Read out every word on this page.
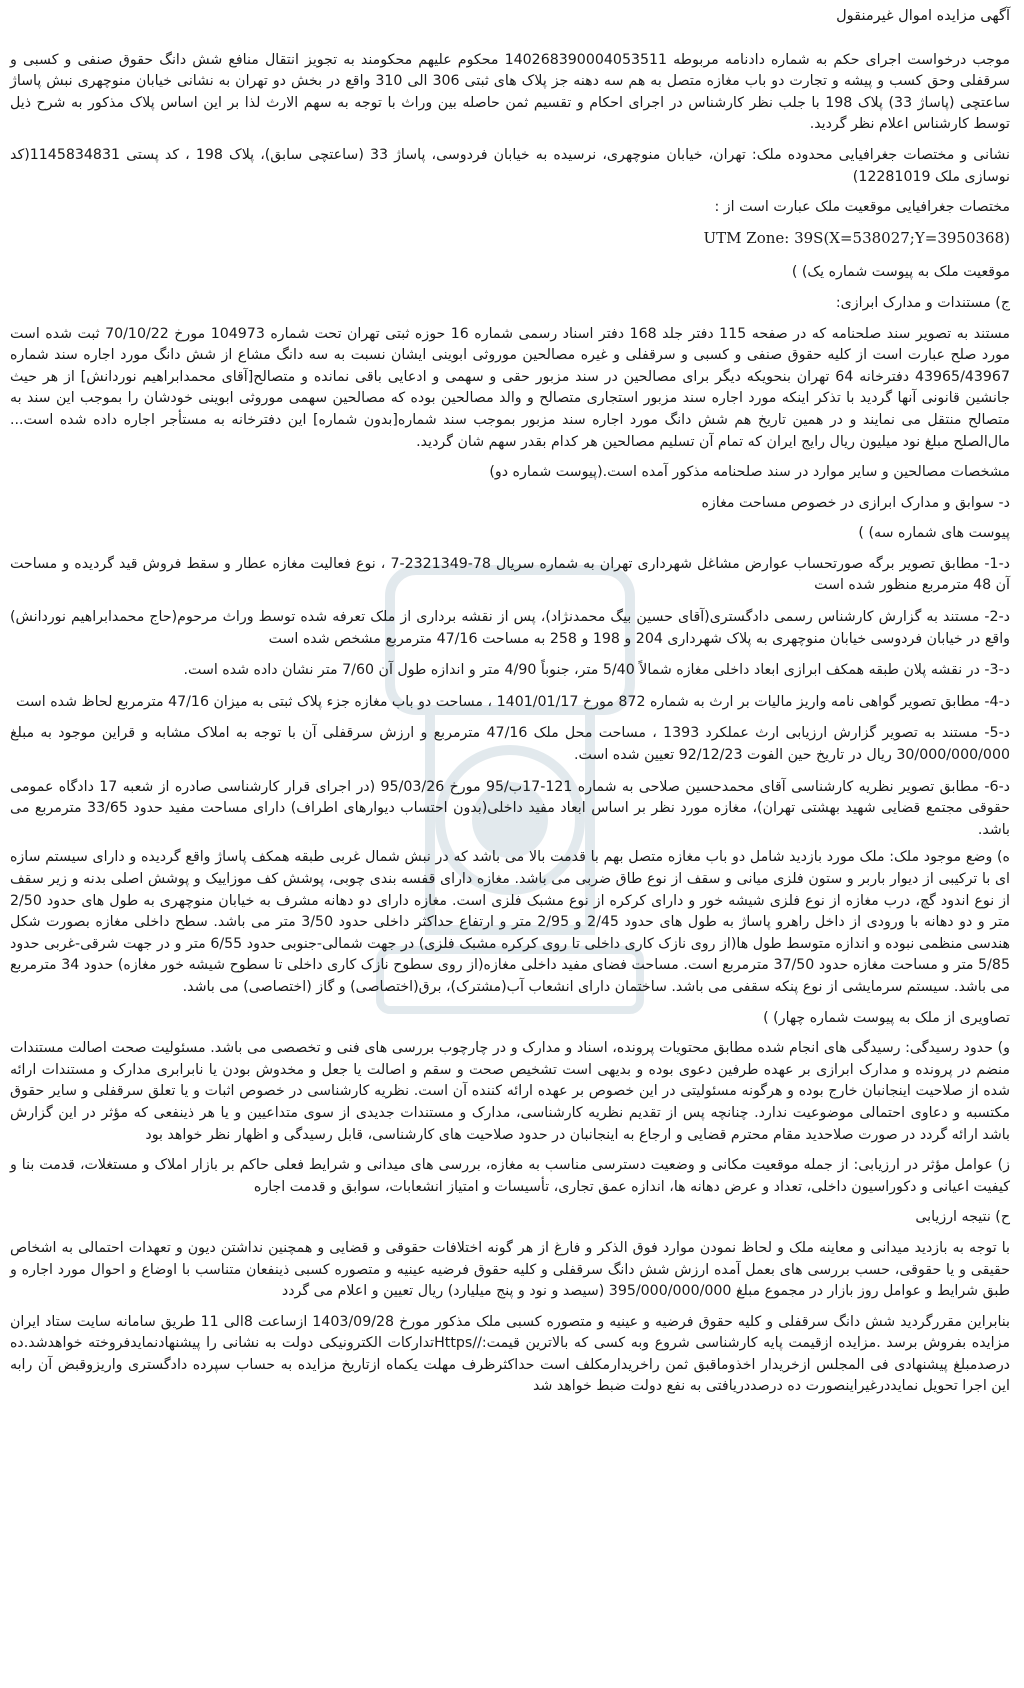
آگهی مزایده اموال غیرمنقول

موجب درخواست اجرای حکم به شماره دادنامه مربوطه 140268390004053511 محکوم علیهم محکومند به تجویز انتقال منافع شش دانگ حقوق صنفی و کسبی و سرقفلی وحق کسب و پیشه و تجارت دو باب مغازه متصل به هم سه دهنه جز پلاک های ثبتی 306 الی 310 واقع در بخش دو تهران به نشانی خیابان منوچهری نبش پاساژ ساعتچی (پاساژ 33) پلاک 198 با جلب نظر کارشناس در اجرای احکام و تقسیم ثمن حاصله بین وراث با توجه به سهم الارث لذا بر این اساس پلاک مذکور به شرح ذیل توسط کارشناس اعلام نظر گردید.

نشانی و مختصات جغرافیایی محدوده ملک: تهران، خیابان منوچهری، نرسیده به خیابان فردوسی، پاساژ 33 (ساعتچی سابق)، پلاک 198 ، کد پستی 1145834831(کد نوسازی ملک 12281019)

مختصات جغرافیایی موقعیت ملک عبارت است از :

UTM Zone: 39S(X=538027;Y=3950368)

موقعیت ملک به پیوست شماره یک) )

ج) مستندات و مدارک ابرازی:

مستند به تصویر سند صلحنامه که در صفحه 115 دفتر جلد 168 دفتر اسناد رسمی شماره 16 حوزه ثبتی تهران تحت شماره 104973 مورخ 70/10/22 ثبت شده است مورد صلح عبارت است از کلیه حقوق صنفی و کسبی و سرقفلی و غیره مصالحین موروثی ابوینی ایشان نسبت به سه دانگ مشاع از شش دانگ مورد اجاره سند شماره 43965/43967 دفترخانه 64 تهران بنحویکه دیگر برای مصالحین در سند مزبور حقی و سهمی و ادعایی باقی نمانده و متصالح[آقای محمدابراهیم نوردانش] از هر حیث جانشین قانونی آنها گردید با تذکر اینکه مورد اجاره سند مزبور استجاری متصالح و والد مصالحین بوده که مصالحین سهمی موروثی ابوینی خودشان را بموجب این سند به متصالح منتقل می نمایند و در همین تاریخ هم شش دانگ مورد اجاره سند مزبور بموجب سند شماره[بدون شماره] این دفترخانه به مستأجر اجاره داده شده است... مال‌الصلح مبلغ نود میلیون ریال رایج ایران که تمام آن تسلیم مصالحین هر کدام بقدر سهم شان گردید.

مشخصات مصالحین و سایر موارد در سند صلحنامه مذکور آمده است.(پیوست شماره دو)

د- سوابق و مدارک ابرازی در خصوص مساحت مغازه

پیوست های شماره سه) )

د-1- مطابق تصویر برگه صورتحساب عوارض مشاغل شهرداری تهران به شماره سریال 78-2321349-7 ، نوع فعالیت مغازه عطار و سقط فروش قید گردیده و مساحت آن 48 مترمربع منظور شده است

د-2- مستند به گزارش کارشناس رسمی دادگستری(آقای حسین بیگ محمدنژاد)، پس از نقشه برداری از ملک تعرفه شده توسط وراث مرحوم(حاج محمدابراهیم نوردانش) واقع در خیابان فردوسی خیابان منوچهری به پلاک شهرداری 204 و 198 و 258 به مساحت 47/16 مترمربع مشخص شده است

د-3- در نقشه پلان طبقه همکف ابرازی ابعاد داخلی مغازه شمالاً 5/40 متر، جنوباً 4/90 متر و اندازه طول آن 7/60 متر نشان داده شده است.

د-4- مطابق تصویر گواهی نامه واریز مالیات بر ارث به شماره 872 مورخ 1401/01/17 ، مساحت دو باب مغازه جزء پلاک ثبتی به میزان 47/16 مترمربع لحاظ شده است

د-5- مستند به تصویر گزارش ارزیابی ارث عملکرد 1393 ، مساحت محل ملک 47/16 مترمربع و ارزش سرقفلی آن با توجه به املاک مشابه و قراین موجود به مبلغ 30/000/000/000 ریال در تاریخ حین الفوت 92/12/23 تعیین شده است.

د-6- مطابق تصویر نظریه کارشناسی آقای محمدحسین صلاحی به شماره 121-17ب/95 مورخ 95/03/26 (در اجرای قرار کارشناسی صادره از شعبه 17 دادگاه عمومی حقوقی مجتمع قضایی شهید بهشتی تهران)، مغازه مورد نظر بر اساس ابعاد مفید داخلی(بدون احتساب دیوارهای اطراف) دارای مساحت مفید حدود 33/65 مترمربع می باشد.

ه) وضع موجود ملک: ملک مورد بازدید شامل دو باب مغازه متصل بهم با قدمت بالا می باشد که در نبش شمال غربی طبقه همکف پاساژ واقع گردیده و دارای سیستم سازه ای با ترکیبی از دیوار باربر و ستون فلزی میانی و سقف از نوع طاق ضربی می باشد. مغازه دارای قفسه بندی چوبی، پوشش کف موزاییک و پوشش اصلی بدنه و زیر سقف از نوع اندود گچ، درب مغازه از نوع فلزی شیشه خور و دارای کرکره از نوع مشبک فلزی است. مغازه دارای دو دهانه مشرف به خیابان منوچهری به طول های حدود 2/50 متر و دو دهانه با ورودی از داخل راهرو پاساژ به طول های حدود 2/45 و 2/95 متر و ارتفاع حداکثر داخلی حدود 3/50 متر می باشد. سطح داخلی مغازه بصورت شکل هندسی منظمی نبوده و اندازه متوسط طول ها(از روی نازک کاری داخلی تا روی کرکره مشبک فلزی) در جهت شمالی-جنوبی حدود 6/55 متر و در جهت شرقی-غربی حدود 5/85 متر و مساحت مغازه حدود 37/50 مترمربع است. مساحت فضای مفید داخلی مغازه(از روی سطوح نازک کاری داخلی تا سطوح شیشه خور مغازه) حدود 34 مترمربع می باشد. سیستم سرمایشی از نوع پنکه سقفی می باشد. ساختمان دارای انشعاب آب(مشترک)، برق(اختصاصی) و گاز (اختصاصی) می باشد.

تصاویری از ملک به پیوست شماره چهار) )

و) حدود رسیدگی: رسیدگی های انجام شده مطابق محتویات پرونده، اسناد و مدارک و در چارچوب بررسی های فنی و تخصصی می باشد. مسئولیت صحت اصالت مستندات منضم در پرونده و مدارک ابرازی بر عهده طرفین دعوی بوده و بدیهی است تشخیص صحت و سقم و اصالت یا جعل و مخدوش بودن یا نابرابری مدارک و مستندات ارائه شده از صلاحیت اینجانبان خارج بوده و هرگونه مسئولیتی در این خصوص بر عهده ارائه کننده آن است. نظریه کارشناسی در خصوص اثبات و یا تعلق سرقفلی و سایر حقوق مکتسبه و دعاوی احتمالی موضوعیت ندارد. چنانچه پس از تقدیم نظریه کارشناسی، مدارک و مستندات جدیدی از سوی متداعیین و یا هر ذینفعی که مؤثر در این گزارش باشد ارائه گردد در صورت صلاحدید مقام محترم قضایی و ارجاع به اینجانبان در حدود صلاحیت های کارشناسی، قابل رسیدگی و اظهار نظر خواهد بود

ز) عوامل مؤثر در ارزیابی: از جمله موقعیت مکانی و وضعیت دسترسی مناسب به مغازه، بررسی های میدانی و شرایط فعلی حاکم بر بازار املاک و مستغلات، قدمت بنا و کیفیت اعیانی و دکوراسیون داخلی، تعداد و عرض دهانه ها، اندازه عمق تجاری، تأسیسات و امتیاز انشعابات، سوابق و قدمت اجاره

ح) نتیجه ارزیابی

با توجه به بازدید میدانی و معاینه ملک و لحاظ نمودن موارد فوق الذکر و فارغ از هر گونه اختلافات حقوقی و قضایی و همچنین نداشتن دیون و تعهدات احتمالی به اشخاص حقیقی و یا حقوقی، حسب بررسی های بعمل آمده ارزش شش دانگ سرقفلی و کلیه حقوق فرضیه عینیه و متصوره کسبی ذینفعان متناسب با اوضاع و احوال مورد اجاره و طبق شرایط و عوامل روز بازار در مجموع مبلغ 395/000/000/000 (سیصد و نود و پنج میلیارد) ریال تعیین و اعلام می گردد

بنابراین مقررگردید شش دانگ سرقفلی و کلیه حقوق فرضیه و عینیه و متصوره کسبی ملک مذکور مورخ 1403/09/28 ازساعت 8الی 11 طریق سامانه سایت ستاد ایران مزایده بفروش برسد .مزایده ازقیمت پایه کارشناسی شروع وبه کسی که بالاترین قیمت://Httpsتدارکات الکترونیکی دولت به نشانی را پیشنهادنمایدفروخته خواهدشد.ده درصدمبلغ پیشنهادی فی المجلس ازخریدار اخذوماقبق ثمن راخریدارمکلف است حداکثرظرف مهلت یکماه ازتاریخ مزایده به حساب سپرده دادگستری واریزوقبض آن رابه این اجرا تحویل نمایددرغیراینصورت ده درصددریافتی به نفع دولت ضبط خواهد شد
